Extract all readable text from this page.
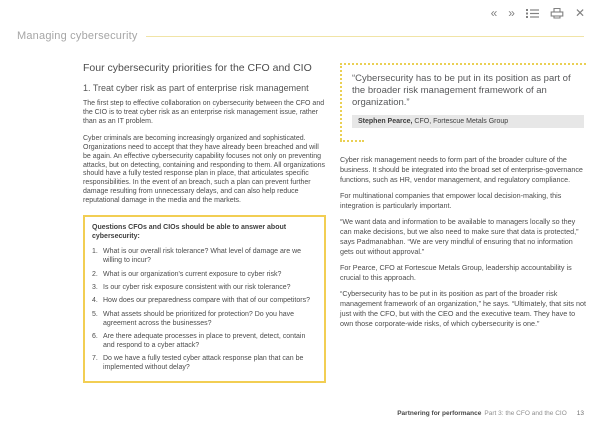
« »	✕
Managing cybersecurity
Four cybersecurity priorities for the CFO and CIO
1. Treat cyber risk as part of enterprise risk management

The first step to effective collaboration on cybersecurity between the CFO and the CIO is to treat cyber risk as an enterprise risk management issue, rather than as an IT problem.

Cyber criminals are becoming increasingly organized and sophisticated. Organizations need to accept that they have already been breached and will be again. An effective cybersecurity capability focuses not only on preventing attacks, but on detecting, containing and responding to them. All organizations should have a fully tested response plan in place, that articulates specific responsibilities. In the event of an breach, such a plan can prevent further damage resulting from unnecessary delays, and can also help reduce reputational damage in the media and the markets.

Questions CFOs and CIOs should be able to answer about cybersecurity:
What is our overall risk tolerance? What level of damage are we willing to incur?
What is our organization's current exposure to cyber risk?
Is our cyber risk exposure consistent with our risk tolerance?
How does our preparedness compare with that of our competitors?
What assets should be prioritized for protection? Do you have agreement across the businesses?
Are there adequate processes in place to prevent, detect, contain and respond to a cyber attack?
Do we have a fully tested cyber attack response plan that can be implemented without delay?

“Cybersecurity has to be put in its position as part of the broader risk management framework of an organization.”

Stephen Pearce, CFO, Fortescue Metals Group

Cyber risk management needs to form part of the broader culture of the business. It should be integrated into the broad set of enterprise-governance functions, such as HR, vendor management, and regulatory compliance.

For multinational companies that empower local decision-making, this integration is particularly important.

“We want data and information to be available to managers locally so they can make decisions, but we also need to make sure that data is protected,” says Padmanabhan. “We are very mindful of ensuring that no information gets out without approval.”

For Pearce, CFO at Fortescue Metals Group, leadership accountability is crucial to this approach.

“Cybersecurity has to be put in its position as part of the broader risk management framework of an organization,” he says. “Ultimately, that sits not just with the CFO, but with the CEO and the executive team. They have to own those corporate-wide risks, of which cybersecurity is one.”

Partnering for performance Part 3: the CFO and the CIO 13
